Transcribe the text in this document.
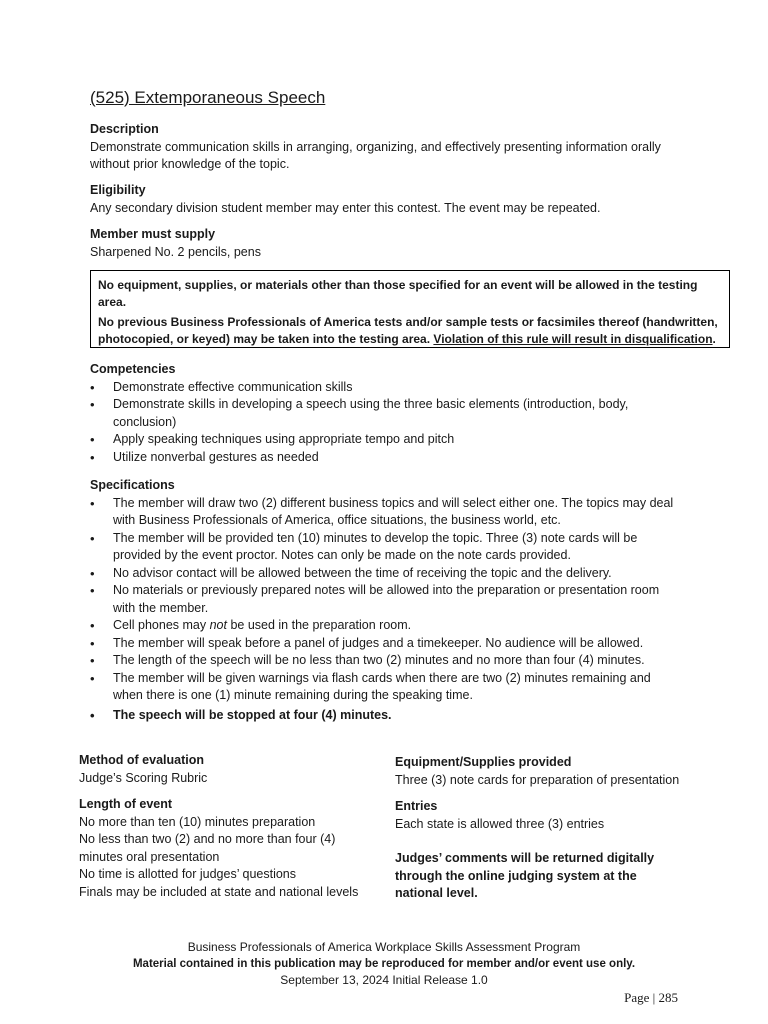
(525) Extemporaneous Speech
Description
Demonstrate communication skills in arranging, organizing, and effectively presenting information orally without prior knowledge of the topic.
Eligibility
Any secondary division student member may enter this contest. The event may be repeated.
Member must supply
Sharpened No. 2 pencils, pens
No equipment, supplies, or materials other than those specified for an event will be allowed in the testing area.
No previous Business Professionals of America tests and/or sample tests or facsimiles thereof (handwritten, photocopied, or keyed) may be taken into the testing area. Violation of this rule will result in disqualification.
Competencies
• Demonstrate effective communication skills
• Demonstrate skills in developing a speech using the three basic elements (introduction, body, conclusion)
• Apply speaking techniques using appropriate tempo and pitch
• Utilize nonverbal gestures as needed
Specifications
• The member will draw two (2) different business topics and will select either one. The topics may deal with Business Professionals of America, office situations, the business world, etc.
• The member will be provided ten (10) minutes to develop the topic. Three (3) note cards will be provided by the event proctor. Notes can only be made on the note cards provided.
• No advisor contact will be allowed between the time of receiving the topic and the delivery.
• No materials or previously prepared notes will be allowed into the preparation or presentation room with the member.
• Cell phones may not be used in the preparation room.
• The member will speak before a panel of judges and a timekeeper. No audience will be allowed.
• The length of the speech will be no less than two (2) minutes and no more than four (4) minutes.
• The member will be given warnings via flash cards when there are two (2) minutes remaining and when there is one (1) minute remaining during the speaking time.
• The speech will be stopped at four (4) minutes.
Method of evaluation
Judge’s Scoring Rubric
Length of event
No more than ten (10) minutes preparation
No less than two (2) and no more than four (4) minutes oral presentation
No time is allotted for judges’ questions
Finals may be included at state and national levels
Equipment/Supplies provided
Three (3) note cards for preparation of presentation
Entries
Each state is allowed three (3) entries
Judges’ comments will be returned digitally through the online judging system at the national level.
Business Professionals of America Workplace Skills Assessment Program
Material contained in this publication may be reproduced for member and/or event use only.
September 13, 2024 Initial Release 1.0
Page | 285
